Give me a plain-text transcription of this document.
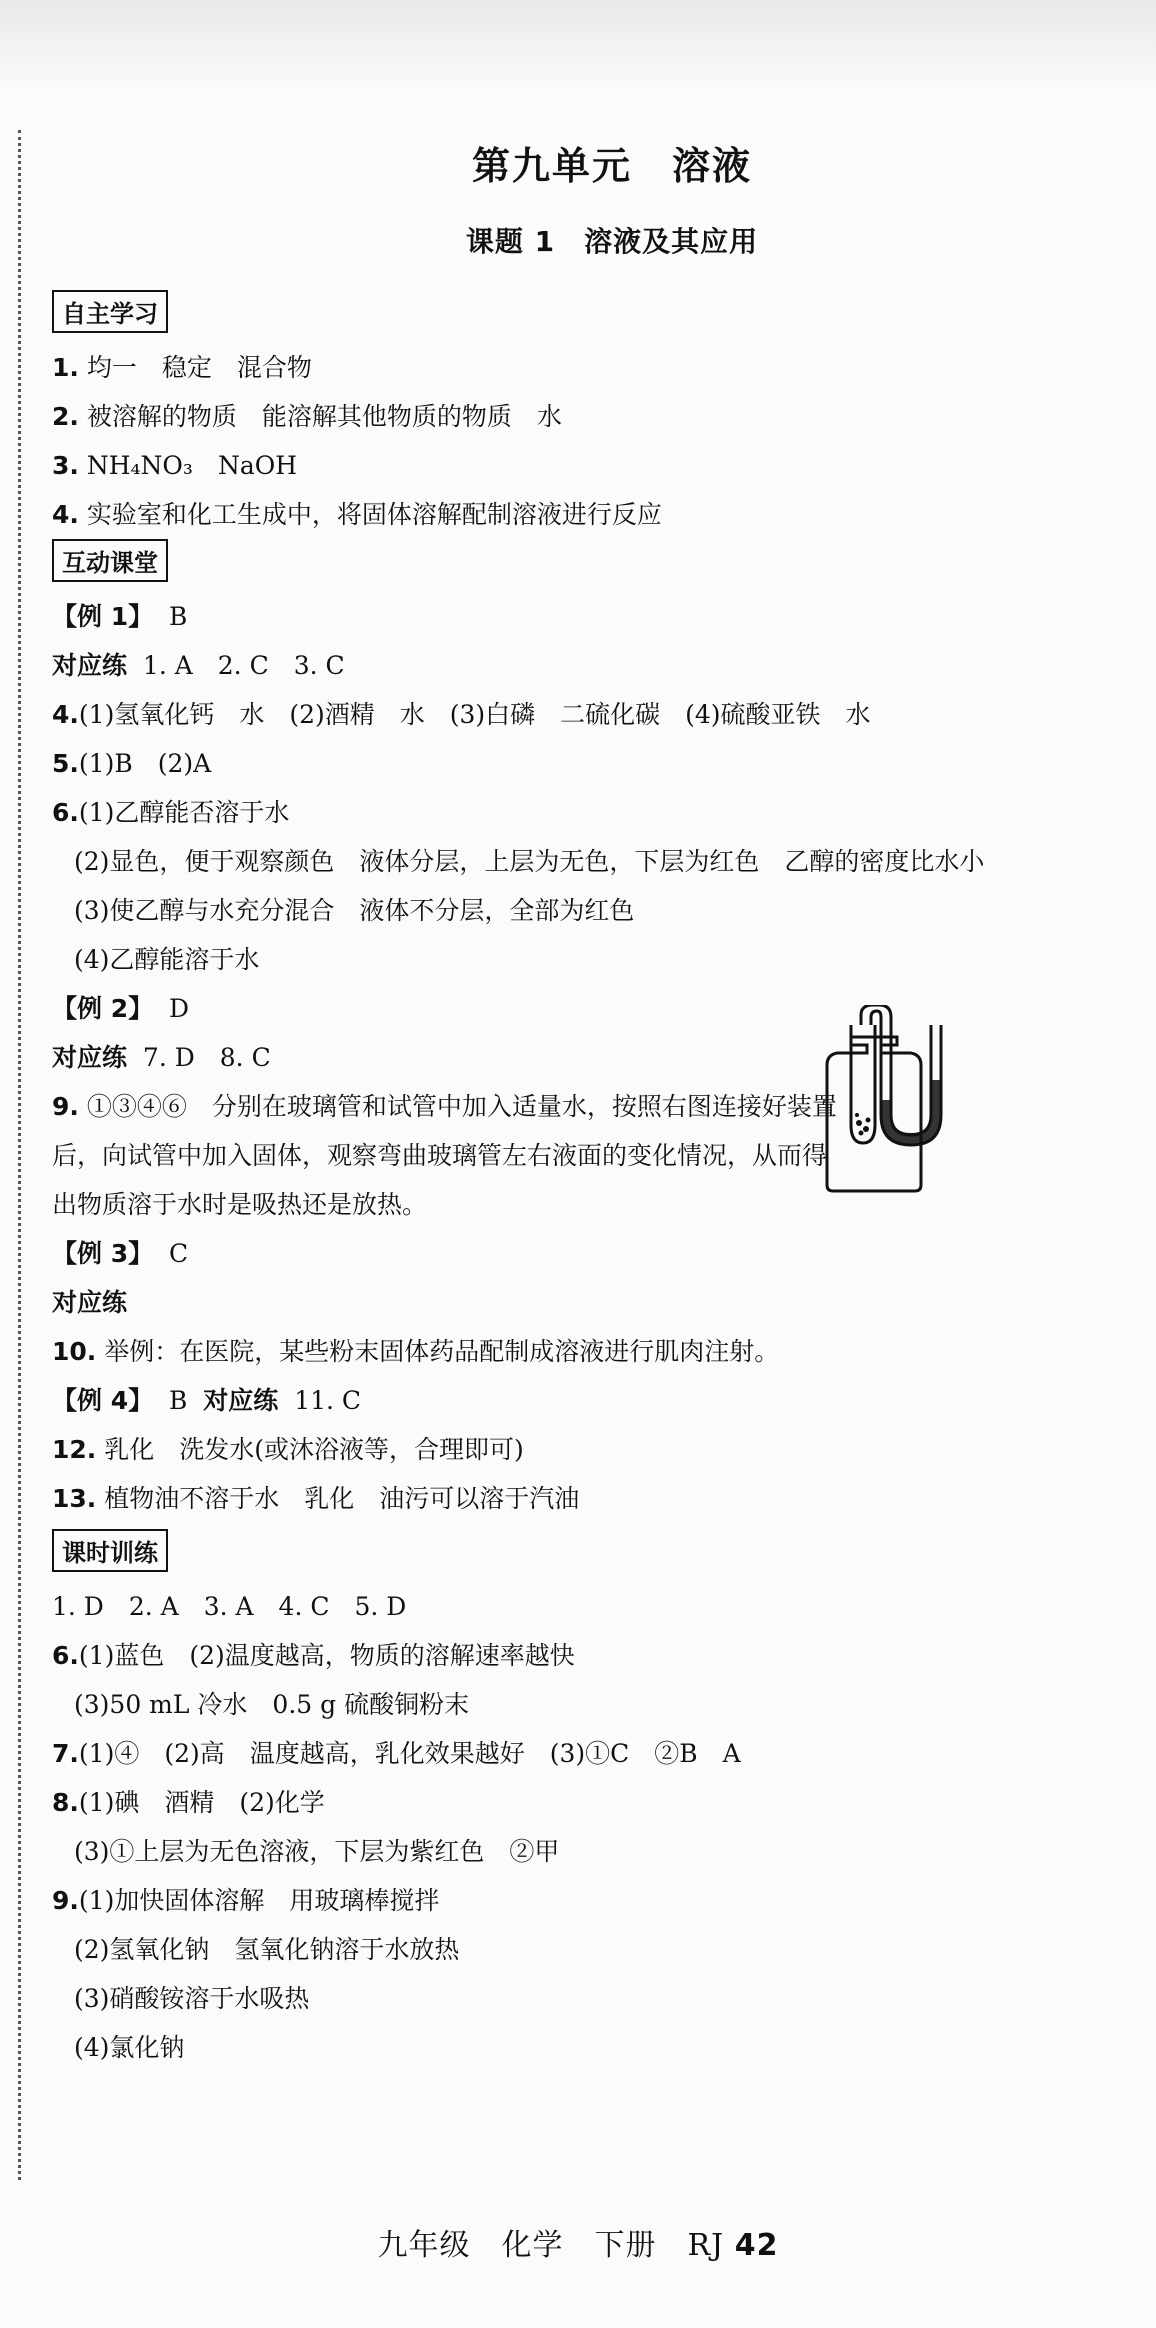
第九单元　溶液
课题 1　溶液及其应用
自主学习
1. 均一　稳定　混合物
2. 被溶解的物质　能溶解其他物质的物质　水
3. NH₄NO₃　NaOH
4. 实验室和化工生成中，将固体溶解配制溶液进行反应
互动课堂
【例 1】 B
对应练 1. A　2. C　3. C
4.(1)氢氧化钙　水　(2)酒精　水　(3)白磷　二硫化碳　(4)硫酸亚铁　水
5.(1)B　(2)A
6.(1)乙醇能否溶于水
(2)显色，便于观察颜色　液体分层，上层为无色，下层为红色　乙醇的密度比水小
(3)使乙醇与水充分混合　液体不分层，全部为红色
(4)乙醇能溶于水
【例 2】 D
对应练 7. D　8. C
9. ①③④⑥　分别在玻璃管和试管中加入适量水，按照右图连接好装置后，向试管中加入固体，观察弯曲玻璃管左右液面的变化情况，从而得出物质溶于水时是吸热还是放热。
【例 3】 C
对应练
10. 举例：在医院，某些粉末固体药品配制成溶液进行肌肉注射。
【例 4】 B 对应练 11. C
12. 乳化　洗发水(或沐浴液等，合理即可)
13. 植物油不溶于水　乳化　油污可以溶于汽油
课时训练
1. D　2. A　3. A　4. C　5. D
6.(1)蓝色　(2)温度越高，物质的溶解速率越快
(3)50 mL 冷水　0.5 g 硫酸铜粉末
7.(1)④　(2)高　温度越高，乳化效果越好　(3)①C　②B　A
8.(1)碘　酒精　(2)化学
(3)①上层为无色溶液，下层为紫红色　②甲
9.(1)加快固体溶解　用玻璃棒搅拌
(2)氢氧化钠　氢氧化钠溶于水放热
(3)硝酸铵溶于水吸热
(4)氯化钠
九年级　化学　下册　RJ 42
